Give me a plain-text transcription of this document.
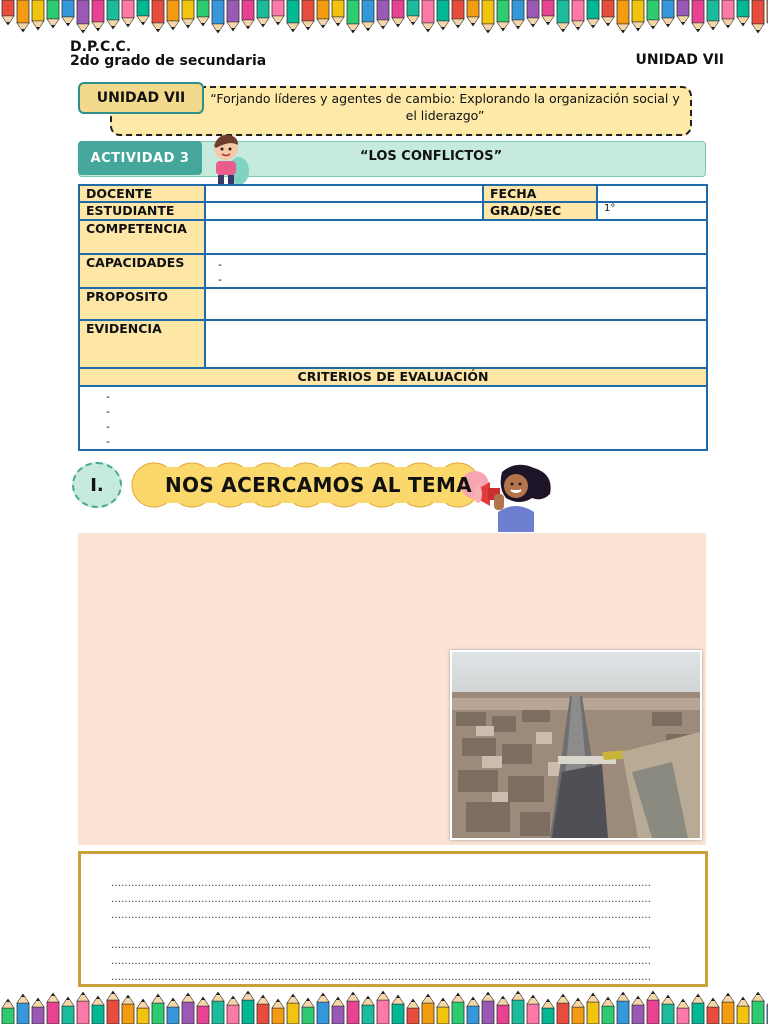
D.P.C.C.
2do grado de secundaria	UNIDAD VII
UNIDAD VII	“Forjando líderes y agentes de cambio: Explorando la organización social y el liderazgo”
ACTIVIDAD 3	“LOS CONFLICTOS”
DOCENTE		FECHA	
ESTUDIANTE		GRAD/SEC	1°
COMPETENCIA			
CAPACIDADES	-
-		

PROPOSITO			
EVIDENCIA			
CRITERIOS DE EVALUACIÓN			

-
-
-
-			
I.	NOS ACERCAMOS AL TEMA
………………………………………………………………………………………………………………………………………………
………………………………………………………………………………………………………………………………………………
………………………………………………………………………………………………………………………………………………
………………………………………………………………………………………………………………………………………………
………………………………………………………………………………………………………………………………………………
………………………………………………………………………………………………………………………………………………
